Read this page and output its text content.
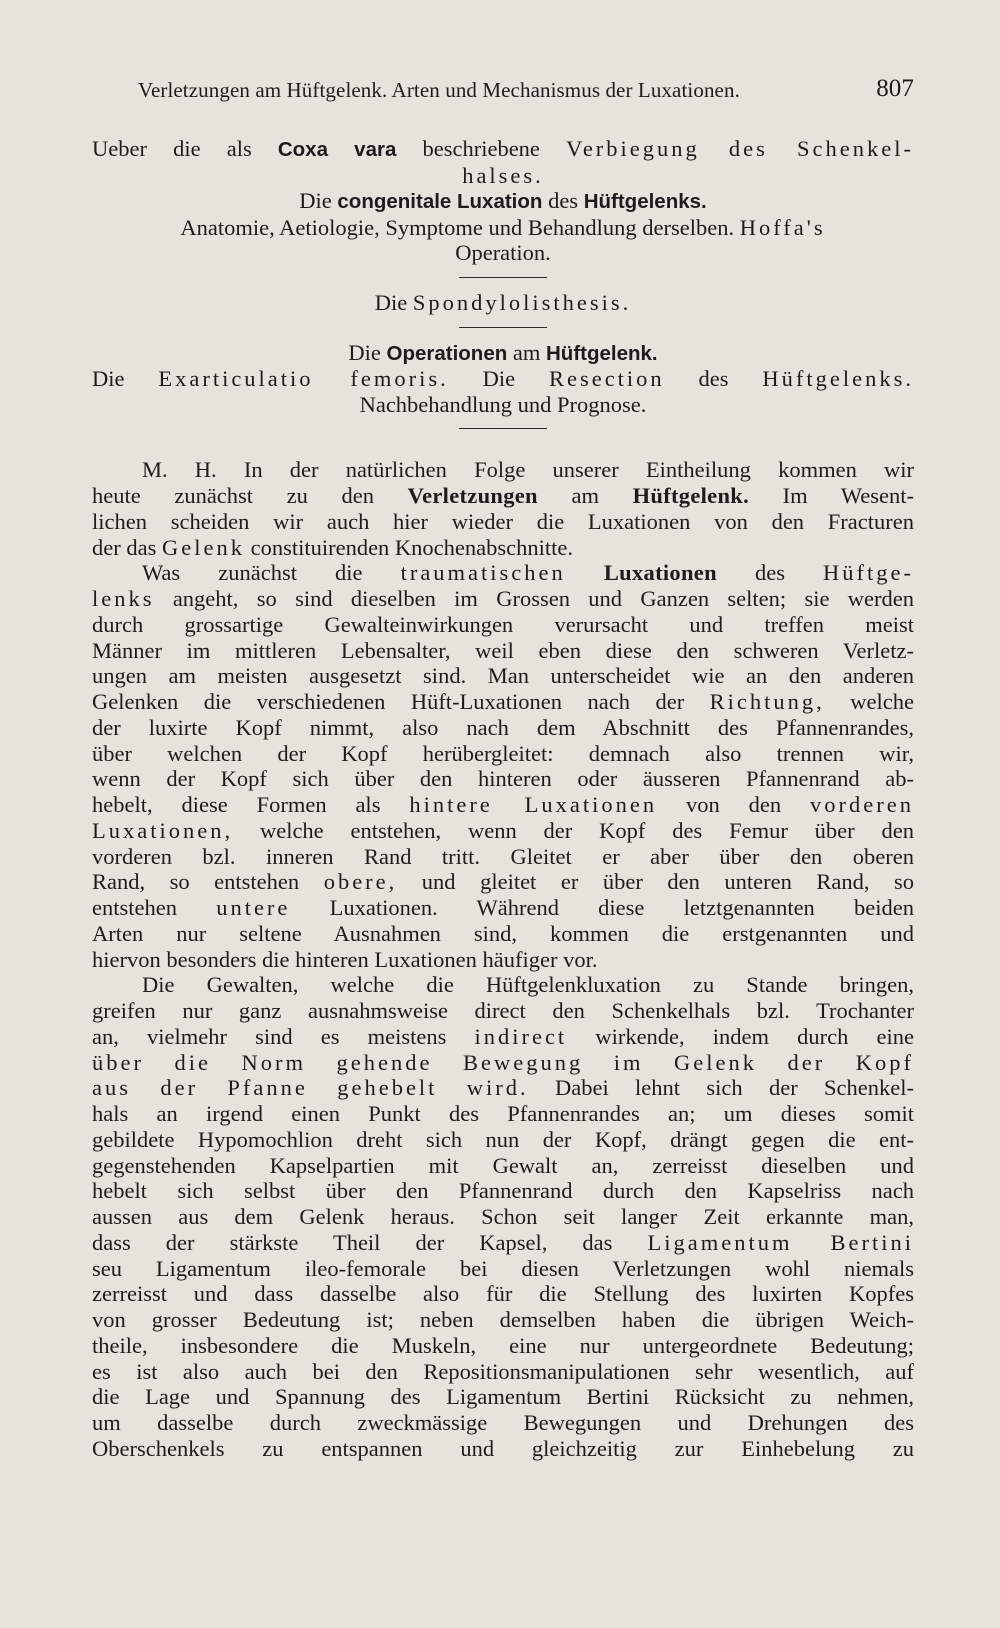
Verletzungen am Hüftgelenk. Arten und Mechanismus der Luxationen.	807
Ueber die als Coxa vara beschriebene Verbiegung des Schenkel-
halses.
Die congenitale Luxation des Hüftgelenks.
Anatomie, Aetiologie, Symptome und Behandlung derselben. Hoffa's
Operation.
Die Spondylolisthesis.
Die Operationen am Hüftgelenk.
Die Exarticulatio femoris. Die Resection des Hüftgelenks.
Nachbehandlung und Prognose.
M. H. In der natürlichen Folge unserer Eintheilung kommen wir
heute zunächst zu den Verletzungen am Hüftgelenk. Im Wesent-
lichen scheiden wir auch hier wieder die Luxationen von den Fracturen
der das Gelenk constituirenden Knochenabschnitte.
Was zunächst die traumatischen Luxationen des Hüftge-
lenks angeht, so sind dieselben im Grossen und Ganzen selten; sie werden
durch grossartige Gewalteinwirkungen verursacht und treffen meist
Männer im mittleren Lebensalter, weil eben diese den schweren Verletz-
ungen am meisten ausgesetzt sind. Man unterscheidet wie an den anderen
Gelenken die verschiedenen Hüft-Luxationen nach der Richtung, welche
der luxirte Kopf nimmt, also nach dem Abschnitt des Pfannenrandes,
über welchen der Kopf herübergleitet: demnach also trennen wir,
wenn der Kopf sich über den hinteren oder äusseren Pfannenrand ab-
hebelt, diese Formen als hintere Luxationen von den vorderen
Luxationen, welche entstehen, wenn der Kopf des Femur über den
vorderen bzl. inneren Rand tritt. Gleitet er aber über den oberen
Rand, so entstehen obere, und gleitet er über den unteren Rand, so
entstehen untere Luxationen. Während diese letztgenannten beiden
Arten nur seltene Ausnahmen sind, kommen die erstgenannten und
hiervon besonders die hinteren Luxationen häufiger vor.
Die Gewalten, welche die Hüftgelenkluxation zu Stande bringen,
greifen nur ganz ausnahmsweise direct den Schenkelhals bzl. Trochanter
an, vielmehr sind es meistens indirect wirkende, indem durch eine
über die Norm gehende Bewegung im Gelenk der Kopf
aus der Pfanne gehebelt wird. Dabei lehnt sich der Schenkel-
hals an irgend einen Punkt des Pfannenrandes an; um dieses somit
gebildete Hypomochlion dreht sich nun der Kopf, drängt gegen die ent-
gegenstehenden Kapselpartien mit Gewalt an, zerreisst dieselben und
hebelt sich selbst über den Pfannenrand durch den Kapselriss nach
aussen aus dem Gelenk heraus. Schon seit langer Zeit erkannte man,
dass der stärkste Theil der Kapsel, das Ligamentum Bertini
seu Ligamentum ileo-femorale bei diesen Verletzungen wohl niemals
zerreisst und dass dasselbe also für die Stellung des luxirten Kopfes
von grosser Bedeutung ist; neben demselben haben die übrigen Weich-
theile, insbesondere die Muskeln, eine nur untergeordnete Bedeutung;
es ist also auch bei den Repositionsmanipulationen sehr wesentlich, auf
die Lage und Spannung des Ligamentum Bertini Rücksicht zu nehmen,
um dasselbe durch zweckmässige Bewegungen und Drehungen des
Oberschenkels zu entspannen und gleichzeitig zur Einhebelung zu
